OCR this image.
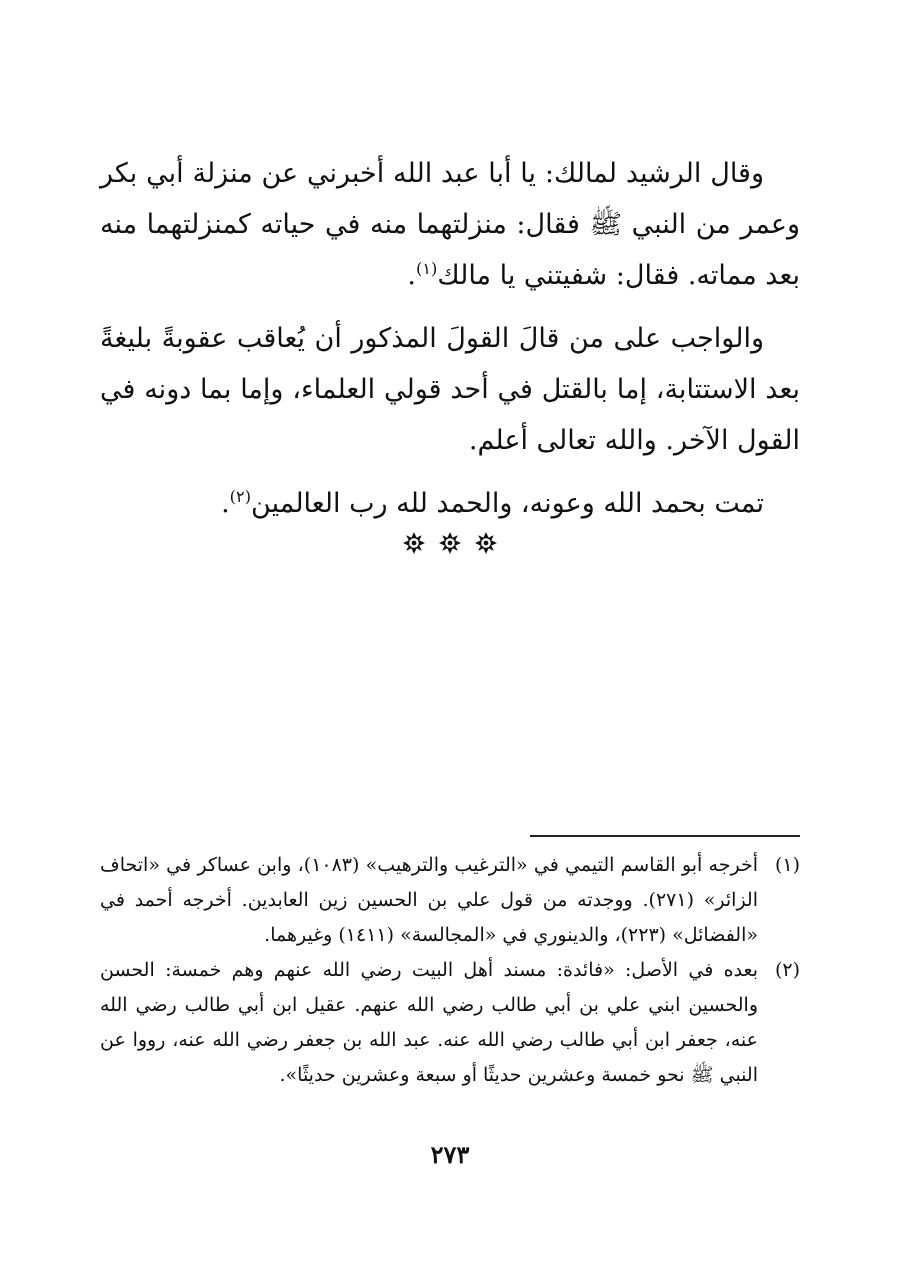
وقال الرشيد لمالك: يا أبا عبد الله أخبرني عن منزلة أبي بكر وعمر من النبي ﷺ فقال: منزلتهما منه في حياته كمنزلتهما منه بعد مماته. فقال: شفيتني يا مالك$^{(١)}$.

والواجب على من قالَ القولَ المذكور أن يُعاقب عقوبةً بليغةً بعد الاستتابة، إما بالقتل في أحد قولي العلماء، وإما بما دونه في القول الآخر. والله تعالى أعلم.

تمت بحمد الله وعونه، والحمد لله رب العالمين$^{(٢)}$.

(١)
أخرجه أبو القاسم التيمي في «الترغيب والترهيب» (١٠٨٣)، وابن عساكر في «اتحاف الزائر» (٢٧١). ووجدته من قول علي بن الحسين زين العابدين. أخرجه أحمد في «الفضائل» (٢٢٣)، والدينوري في «المجالسة» (١٤١١) وغيرهما.

(٢)
بعده في الأصل: «فائدة: مسند أهل البيت رضي الله عنهم وهم خمسة: الحسن والحسين ابني علي بن أبي طالب رضي الله عنهم. عقيل ابن أبي طالب رضي الله عنه، جعفر ابن أبي طالب رضي الله عنه. عبد الله بن جعفر رضي الله عنه، رووا عن النبي ﷺ نحو خمسة وعشرين حديثًا أو سبعة وعشرين حديثًا».

٢٧٣
